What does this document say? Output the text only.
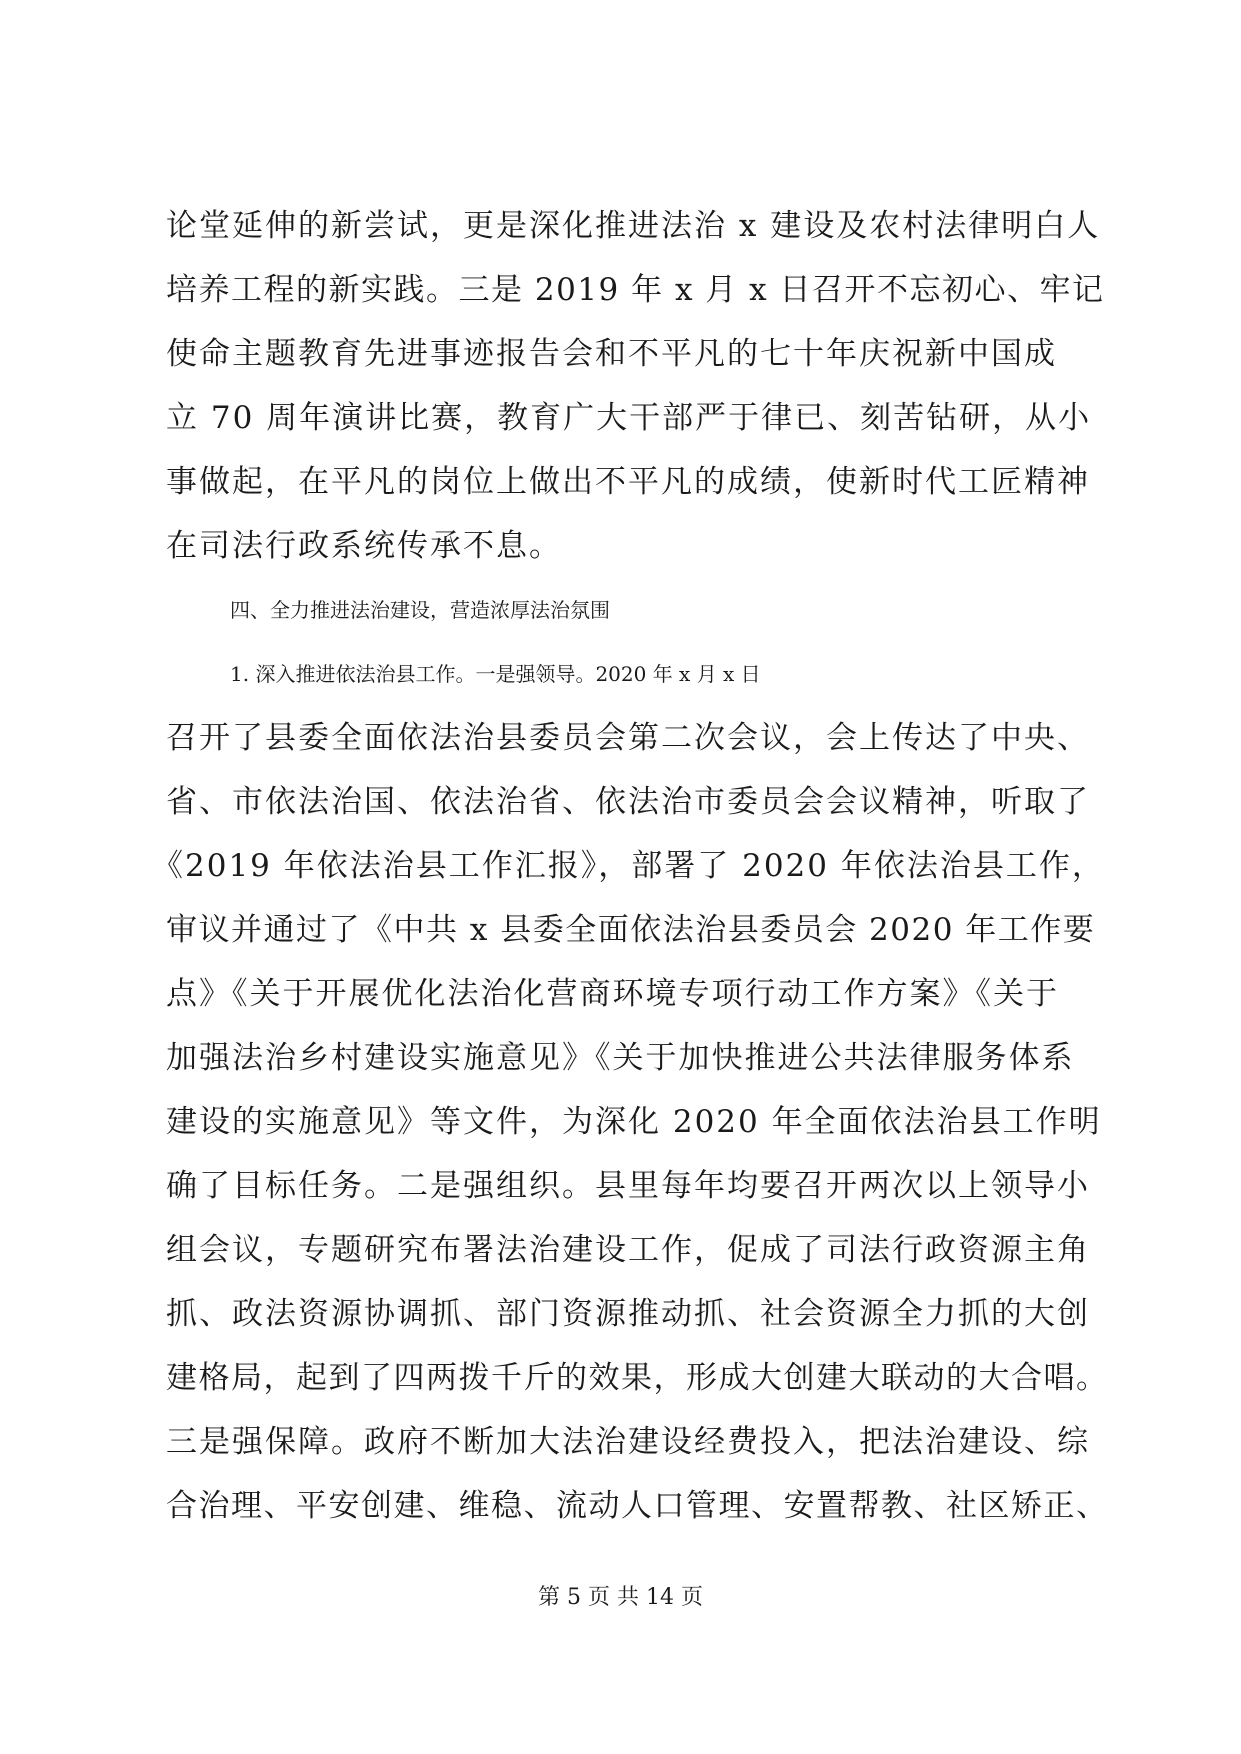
论堂延伸的新尝试，更是深化推进法治 x 建设及农村法律明白人
培养工程的新实践。三是 2019 年 x 月 x 日召开不忘初心、牢记
使命主题教育先进事迹报告会和不平凡的七十年庆祝新中国成
立 70 周年演讲比赛，教育广大干部严于律已、刻苦钻研，从小
事做起，在平凡的岗位上做出不平凡的成绩，使新时代工匠精神
在司法行政系统传承不息。
四、全力推进法治建设，营造浓厚法治氛围
1. 深入推进依法治县工作。一是强领导。2020 年 x 月 x 日
召开了县委全面依法治县委员会第二次会议，会上传达了中央、
省、市依法治国、依法治省、依法治市委员会会议精神，听取了
《2019 年依法治县工作汇报》，部署了 2020 年依法治县工作，
审议并通过了《中共 x 县委全面依法治县委员会 2020 年工作要
点》《关于开展优化法治化营商环境专项行动工作方案》《关于
加强法治乡村建设实施意见》《关于加快推进公共法律服务体系
建设的实施意见》等文件，为深化 2020 年全面依法治县工作明
确了目标任务。二是强组织。县里每年均要召开两次以上领导小
组会议，专题研究布署法治建设工作，促成了司法行政资源主角
抓、政法资源协调抓、部门资源推动抓、社会资源全力抓的大创
建格局，起到了四两拨千斤的效果，形成大创建大联动的大合唱。
三是强保障。政府不断加大法治建设经费投入，把法治建设、综
合治理、平安创建、维稳、流动人口管理、安置帮教、社区矫正、
第 5 页 共 14 页
